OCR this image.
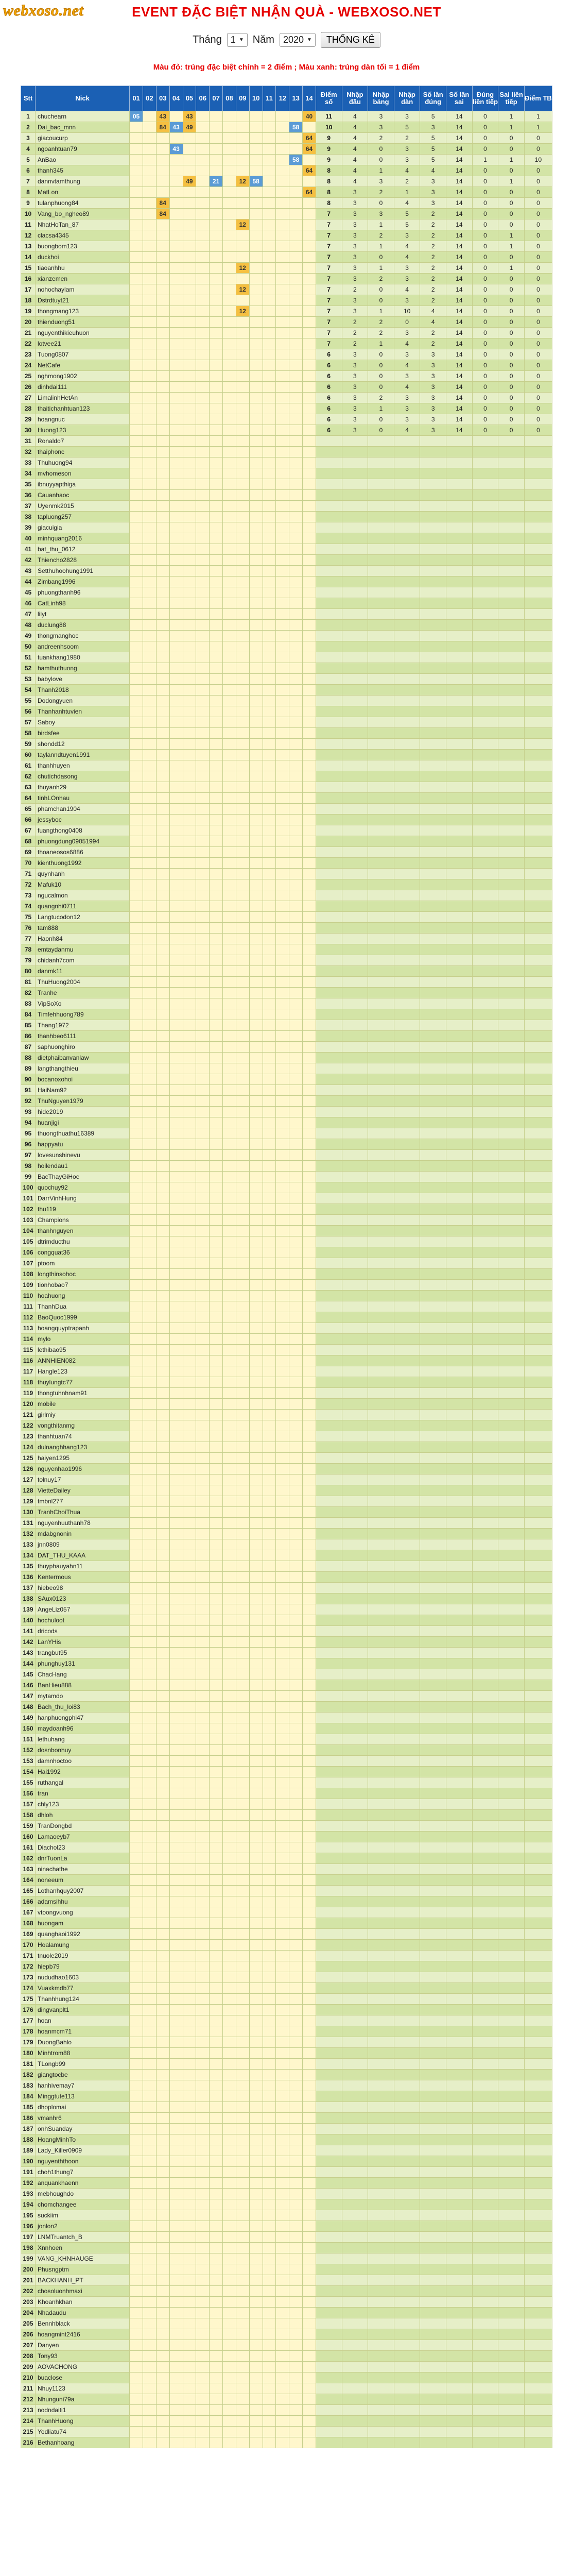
webxoso.net	EVENT ĐẶC BIỆT NHẬN QUÀ - WEBXOSO.NET
Tháng 1 ▼ Năm 2020 ▼	THỐNG KÊ
Màu đỏ: trúng đặc biệt chính = 2 điểm ; Màu xanh: trúng dàn tối = 1 điểm
Stt	Nick	01	02	03	04	05	06	07	08	09	10	11	12	13	14	Điểm số	Nhập đầu	Nhập bảng	Nhập dàn	Số lần đúng	Số lần sai	Đúng liên tiếp	Sai liên tiếp	Điểm TB
1	chuchearn	05		43		43									40	11	4	3	3	5	14	0	1	1
2	Dai_bac_mnn			84	43	49								58		10	4	3	5	3	14	0	1	1
3	giacoucurp														64	9	4	2	2	5	14	0	0	0
4	ngoanhtuan79				43										64	9	4	0	3	5	14	0	0	0
5	AnBao													58		9	4	0	3	5	14	1	1	10
6	thanh345														64	8	4	1	4	4	14	0	0	0
7	dannvtamthung					49		21		12	58					8	4	3	2	3	14	0	1	0
8	MatLon														64	8	3	2	1	3	14	0	0	0
9	tulanphuong84			84												8	3	0	4	3	14	0	0	0
10	Vang_bo_ngheo89			84												7	3	3	5	2	14	0	0	0
11	NhatHoTan_87									12						7	3	1	5	2	14	0	0	0
12	clacsa4345															7	3	2	3	2	14	0	1	0
13	buongbom123															7	3	1	4	2	14	0	1	0
14	duckhoi															7	3	0	4	2	14	0	0	0
15	tiaoanhhu									12						7	3	1	3	2	14	0	1	0
16	xianzemen															7	3	2	3	2	14	0	0	0
17	nohochaylam									12						7	2	0	4	2	14	0	0	0
18	Dstrdtuyt21															7	3	0	3	2	14	0	0	0
19	thongmang123									12						7	3	1	10	4	14	0	0	0
20	thienduong51															7	2	2	0	4	14	0	0	0
21	nguyenthikieuhuon															7	2	2	3	2	14	0	0	0
22	lotvee21															7	2	1	4	2	14	0	0	0
23	Tuong0807															6	3	0	3	3	14	0	0	0
24	NetCafe															6	3	0	4	3	14	0	0	0
25	nghmong1902															6	3	0	3	3	14	0	0	0
26	dinhdai111															6	3	0	4	3	14	0	0	0
27	LimalinhHetAn															6	3	2	3	3	14	0	0	0
28	thaitichanhtuan123															6	3	1	3	3	14	0	0	0
29	hoangnuc															6	3	0	3	3	14	0	0	0
30	Huong123															6	3	0	4	3	14	0	0	0
31	Ronaldo7																							
32	thaiphonc																							
33	Thuhuong94																							
34	mvhomeson																							
35	ibnuyyapthiga																							
36	Cauanhaoc																							
37	Uyenmk2015																							
38	tapluong257																							
39	giacuigia																							
40	minhquang2016																							
41	bat_thu_0612																							
42	Thiencho2828																							
43	Setthuhoohung1991																							
44	Zimbang1996																							
45	phuongthanh96																							
46	CatLinh98																							
47	lilyt																							
48	duclung88																							
49	thongmanghoc																							
50	andreenhsoom																							
51	tuankhang1980																							
52	hamthuthuong																							
53	babylove																							
54	Thanh2018																							
55	Dodongyuen																							
56	Thanhanhtuvien																							
57	Saboy																							
58	birdsfee																							
59	shondd12																							
60	taylanndtuyen1991																							
61	thanhhuyen																							
62	chutichdasong																							
63	thuyanh29																							
64	tinhLOnhau																							
65	phamchan1904																							
66	jessyboc																							
67	fuangthong0408																							
68	phuongdung09051994																							
69	thoaneosos6886																							
70	kienthuong1992																							
71	quynhanh																							
72	Mafuk10																							
73	ngucalmon																							
74	quangnhi0711																							
75	Langtucodon12																							
76	tam888																							
77	Haonh84																							
78	emtaydanmu																							
79	chidanh7com																							
80	danmk11																							
81	ThuHuong2004																							
82	Tranhe																							
83	VipSoXo																							
84	Timfehhuong789																							
85	Thang1972																							
86	thanhbeo6111																							
87	saphuonghiro																							
88	dietphaibanvanlaw																							
89	langthangthieu																							
90	bocanoxohoi																							
91	HaiNam92																							
92	ThuNguyen1979																							
93	hide2019																							
94	huanjigi																							
95	thuongthuathu16389																							
96	happyatu																							
97	lovesunshinevu																							
98	hoilendau1																							
99	BacThayGiHoc																							
100	quochuy92																							
101	DarrVinhHung																							
102	thu119																							
103	Champions																							
104	thanhnguyen																							
105	dtrimducthu																							
106	congquat36																							
107	ptoom																							
108	longthinsohoc																							
109	tionhobao7																							
110	hoahuong																							
111	ThanhDua																							
112	BaoQuoc1999																							
113	hoangquyptrapanh																							
114	mylo																							
115	lethibao95																							
116	ANNHIEN082																							
117	Hangle123																							
118	thuylungtc77																							
119	thongtuhnhnam91																							
120	mobile																							
121	girlmiy																							
122	vongthitanmg																							
123	thanhtuan74																							
124	dulnanghhang123																							
125	haiyen1295																							
126	nguyenhao1996																							
127	tolnuy17																							
128	VietteDailey																							
129	tmbnl277																							
130	TranhChoiThua																							
131	nguyenhuuthanh78																							
132	mdabgnonin																							
133	jnn0809																							
134	DAT_THU_KAAA																							
135	thuyphauyahn11																							
136	Kentermous																							
137	hiebeo98																							
138	SAux0123																							
139	AngeLiz057																							
140	hochuloot																							
141	dricods																							
142	LanYHis																							
143	trangbut95																							
144	phunghuy131																							
145	ChacHang																							
146	BanHieu888																							
147	mytamdo																							
148	Bach_thu_loi83																							
149	hanphuongphi47																							
150	maydoanh96																							
151	lethuhang																							
152	dosnbonhuy																							
153	damnhoctoo																							
154	Hai1992																							
155	ruthangal																							
156	tran																							
157	chly123																							
158	dhloh																							
159	TranDongbd																							
160	Lamaoeyb7																							
161	Diachol23																							
162	dnrTuonLa																							
163	ninachathe																							
164	noneeum																							
165	Lothanhquy2007																							
166	adamsihhu																							
167	vtoongvuong																							
168	huongam																							
169	quanghaoi1992																							
170	Hoalamung																							
171	tnuole2019																							
172	hiepb79																							
173	nududhao1603																							
174	Vuaxkmdb77																							
175	Thanhhung124																							
176	dingvanplt1																							
177	hoan																							
178	hoanmcm71																							
179	DuongBahlo																							
180	Minhtrom88																							
181	TLongb99																							
182	giangtocbe																							
183	hanhivemay7																							
184	Minggtute113																							
185	dhoplomai																							
186	vmanhr6																							
187	onhSuanday																							
188	HoangMinhTo																							
189	Lady_Killer0909																							
190	nguyenththoon																							
191	choh1thung7																							
192	anquankhaenn																							
193	mebhoughdo																							
194	chomchangee																							
195	suckiim																							
196	jonlon2																							
197	LNMTruantch_B																							
198	Xnnhoen																							
199	VANG_KHNHAUGE																							
200	Phusngptm																							
201	BACKHANH_PT																							
202	chosoluonhmaxi																							
203	Khoanhkhan																							
204	Nhadaudu																							
205	Bennhblack																							
206	hoangmint2416																							
207	Danyen																							
208	Tony93																							
209	AOVACHONG																							
210	buaclose																							
211	Nhuy1123																							
212	Nhunguni79a																							
213	nodndaiti1																							
214	ThanhHuong																							
215	Yodliatu74																							
216	Bethanhoang																							
